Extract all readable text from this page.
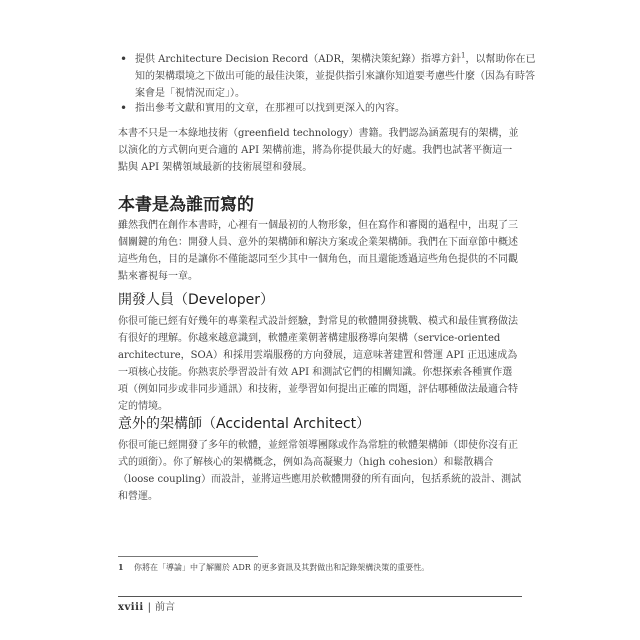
• 提供 Architecture Decision Record（ADR，架構決策紀錄）指導方針$^1$，以幫助你在已知的架構環境之下做出可能的最佳決策，並提供指引來讓你知道要考慮些什麼（因為有時答案會是「視情況而定」）。
• 指出參考文獻和實用的文章，在那裡可以找到更深入的內容。

本書不只是一本綠地技術（greenfield technology）書籍。我們認為涵蓋現有的架構，並以演化的方式朝向更合適的 API 架構前進，將為你提供最大的好處。我們也試著平衡這一點與 API 架構領域最新的技術展望和發展。

本書是為誰而寫的

雖然我們在創作本書時，心裡有一個最初的人物形象，但在寫作和審閱的過程中，出現了三個關鍵的角色：開發人員、意外的架構師和解決方案或企業架構師。我們在下面章節中概述這些角色，目的是讓你不僅能認同至少其中一個角色，而且還能透過這些角色提供的不同觀點來審視每一章。

開發人員（Developer）

你很可能已經有好幾年的專業程式設計經驗，對常見的軟體開發挑戰、模式和最佳實務做法有很好的理解。你越來越意識到，軟體產業朝著構建服務導向架構（service-oriented architecture，SOA）和採用雲端服務的方向發展，這意味著建置和營運 API 正迅速成為一項核心技能。你熱衷於學習設計有效 API 和測試它們的相關知識。你想探索各種實作選項（例如同步或非同步通訊）和技術，並學習如何提出正確的問題，評估哪種做法最適合特定的情境。

意外的架構師（Accidental Architect）

你很可能已經開發了多年的軟體，並經常領導團隊或作為常駐的軟體架構師（即使你沒有正式的頭銜）。你了解核心的架構概念，例如為高凝聚力（high cohesion）和鬆散耦合（loose coupling）而設計，並將這些應用於軟體開發的所有面向，包括系統的設計、測試和營運。

1 你將在「導論」中了解關於 ADR 的更多資訊及其對做出和記錄架構決策的重要性。
xviii | 前言
